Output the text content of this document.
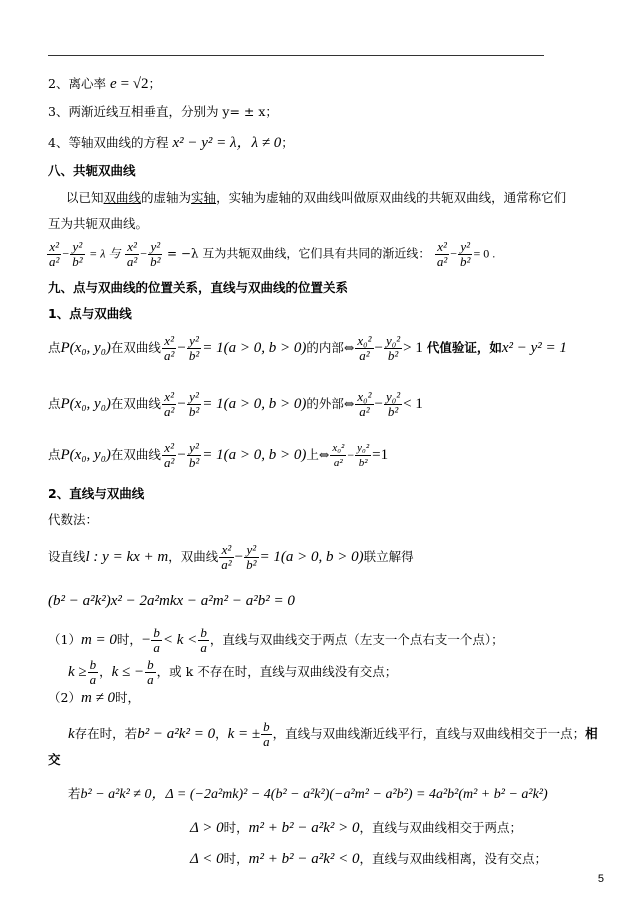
2、离心率 e = √2；
3、两渐近线互相垂直，分别为 y= ± x；
4、等轴双曲线的方程 x² − y² = λ，λ ≠ 0；
八、共轭双曲线
以已知双曲线的虚轴为实轴，实轴为虚轴的双曲线叫做原双曲线的共轭双曲线，通常称它们
互为共轭双曲线。
$\frac{\text{x²}}{\text{a²}} - \frac{\text{y²}}{\text{b²}} = \lambda$ 与 $\frac{\text{x²}}{\text{a²}} - \frac{\text{y²}}{\text{b²}} = -\lambda$ 互为共轭双曲线，它们具有共同的渐近线： $\frac{\text{x²}}{\text{a²}} - \frac{\text{y²}}{\text{b²}} = 0$ .
九、点与双曲线的位置关系，直线与双曲线的位置关系
1、点与双曲线
点P(x₀, y₀)在双曲线 $\frac{\text{x²}}{\text{a²}} - \frac{\text{y²}}{\text{b²}} = 1(a > 0$, b > 0)的内部⇔ $\frac{\text{x₀²}}{\text{a²}} - \frac{\text{y₀²}}{\text{b²}} > 1$ 代值验证，如x² − y² = 1
点P(x₀, y₀)在双曲线 $\frac{\text{x²}}{\text{a²}} - \frac{\text{y²}}{\text{b²}} = 1(a > 0$, b > 0)的外部⇔ $\frac{\text{x₀²}}{\text{a²}} - \frac{\text{y₀²}}{\text{b²}} < 1$
点P(x₀, y₀)在双曲线 $\frac{\text{x²}}{\text{a²}} - \frac{\text{y²}}{\text{b²}} = 1(a > 0$, b > 0)上⇔ $\frac{\text{x₀²}}{\text{a²}} - \frac{\text{y₀²}}{\text{b²}} =1$
2、直线与双曲线
代数法：
设直线l : y = kx + m，双曲线 $\frac{\text{x²}}{\text{a²}} - \frac{\text{y²}}{\text{b²}} = 1(a > 0$, b > 0)联立解得
(b² − a²k²)x² − 2a²mkx − a²m² − a²b² = 0
（1）m = 0时，− $\frac{b}{a} < k < \frac{b}{a}$ ，直线与双曲线交于两点（左支一个点右支一个点）；
$k \ge \frac{b}{a}$ ，k ≤ − $\frac{b}{a}$ ，或 k 不存在时，直线与双曲线没有交点；
（2）m ≠ 0时，
k存在时，若b² − a²k² = 0，k = ± $\frac{b}{a}$ ，直线与双曲线渐近线平行，直线与双曲线相交于一点；相
交
若b² − a²k² ≠ 0，Δ = (−2a²mk)² − 4(b² − a²k²)(−a²m² − a²b²) = 4a²b²(m² + b² − a²k²)
Δ > 0时，m² + b² − a²k² > 0，直线与双曲线相交于两点；
Δ < 0时，m² + b² − a²k² < 0，直线与双曲线相离，没有交点；
5
